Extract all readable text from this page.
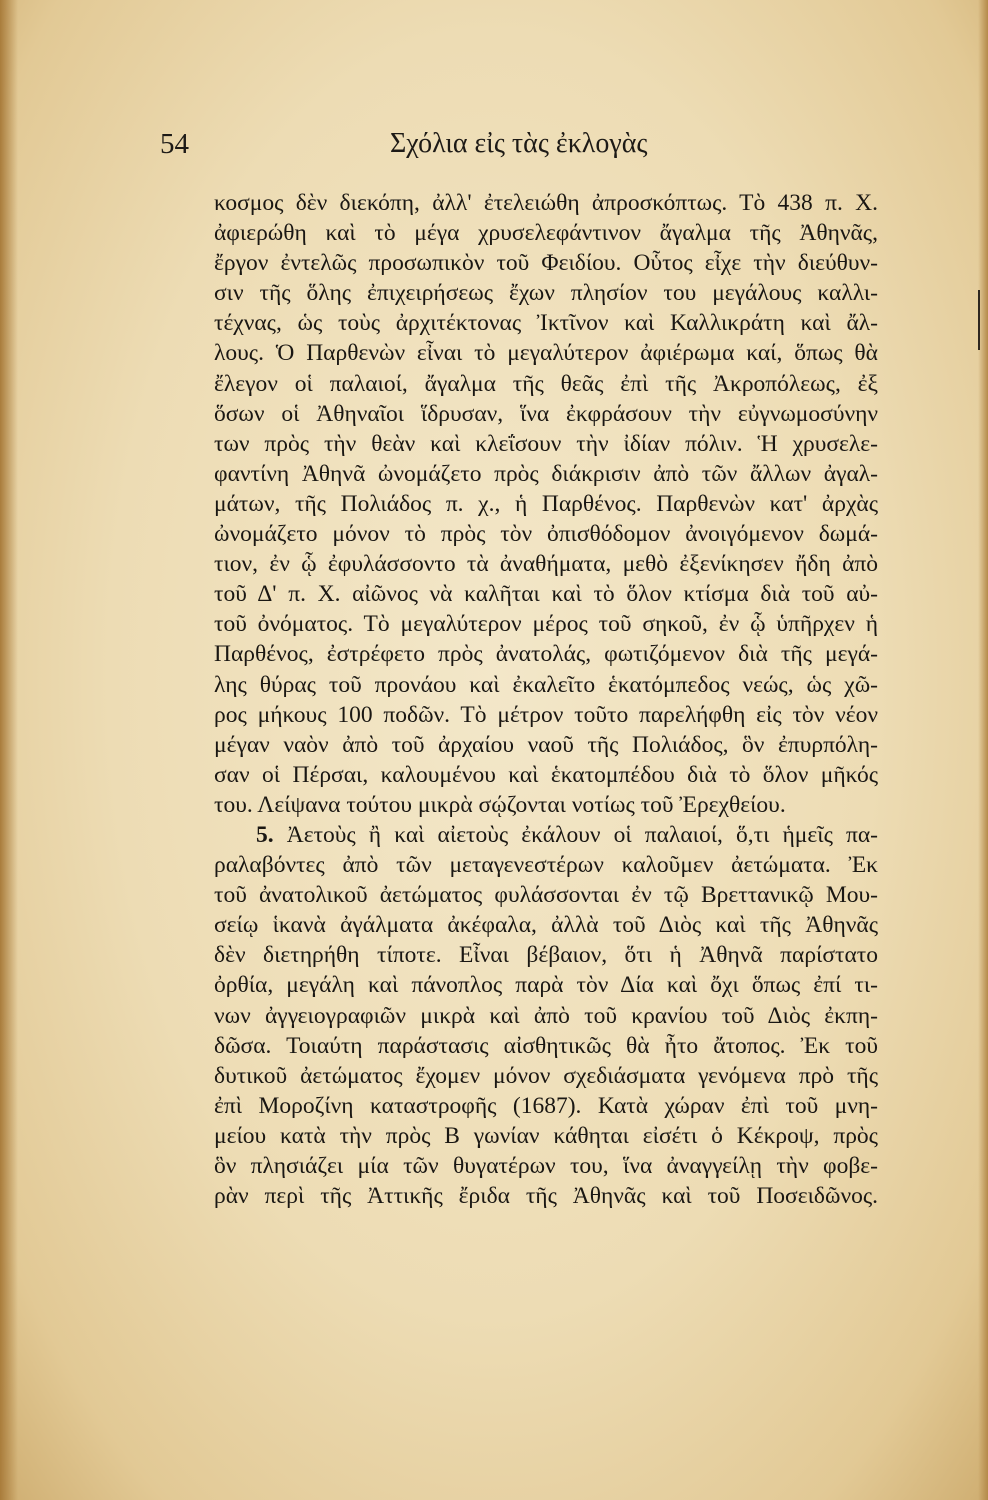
54	Σχόλια εἰς τὰς ἐκλογὰς
κοσμος δὲν διεκόπη, ἀλλ' ἐτελειώθη ἀπροσκόπτως. Τὸ 438 π. Χ.
ἀφιερώθη καὶ τὸ μέγα χρυσελεφάντινον ἄγαλμα τῆς Ἀθηνᾶς,
ἔργον ἐντελῶς προσωπικὸν τοῦ Φειδίου. Οὗτος εἶχε τὴν διεύθυν-
σιν τῆς ὅλης ἐπιχειρήσεως ἔχων πλησίον του μεγάλους καλλι-
τέχνας, ὡς τοὺς ἀρχιτέκτονας Ἰκτῖνον καὶ Καλλικράτη καὶ ἄλ-
λους. Ὁ Παρθενὼν εἶναι τὸ μεγαλύτερον ἀφιέρωμα καί, ὅπως θὰ
ἔλεγον οἱ παλαιοί, ἄγαλμα τῆς θεᾶς ἐπὶ τῆς Ἀκροπόλεως, ἐξ
ὅσων οἱ Ἀθηναῖοι ἵδρυσαν, ἵνα ἐκφράσουν τὴν εὐγνωμοσύνην
των πρὸς τὴν θεὰν καὶ κλεΐσουν τὴν ἰδίαν πόλιν. Ἡ χρυσελε-
φαντίνη Ἀθηνᾶ ὠνομάζετο πρὸς διάκρισιν ἀπὸ τῶν ἄλλων ἀγαλ-
μάτων, τῆς Πολιάδος π. χ., ἡ Παρθένος. Παρθενὼν κατ' ἀρχὰς
ὠνομάζετο μόνον τὸ πρὸς τὸν ὀπισθόδομον ἀνοιγόμενον δωμά-
τιον, ἐν ᾧ ἐφυλάσσοντο τὰ ἀναθήματα, μεθὸ ἐξενίκησεν ἤδη ἀπὸ
τοῦ Δ' π. Χ. αἰῶνος νὰ καλῆται καὶ τὸ ὅλον κτίσμα διὰ τοῦ αὐ-
τοῦ ὀνόματος. Τὸ μεγαλύτερον μέρος τοῦ σηκοῦ, ἐν ᾧ ὑπῆρχεν ἡ
Παρθένος, ἐστρέφετο πρὸς ἀνατολάς, φωτιζόμενον διὰ τῆς μεγά-
λης θύρας τοῦ προνάου καὶ ἐκαλεῖτο ἑκατόμπεδος νεώς, ὡς χῶ-
ρος μήκους 100 ποδῶν. Τὸ μέτρον τοῦτο παρελήφθη εἰς τὸν νέον
μέγαν ναὸν ἀπὸ τοῦ ἀρχαίου ναοῦ τῆς Πολιάδος, ὃν ἐπυρπόλη-
σαν οἱ Πέρσαι, καλουμένου καὶ ἑκατομπέδου διὰ τὸ ὅλον μῆκός
του. Λείψανα τούτου μικρὰ σῴζονται νοτίως τοῦ Ἐρεχθείου.
5. Ἀετοὺς ἢ καὶ αἰετοὺς ἐκάλουν οἱ παλαιοί, ὅ,τι ἡμεῖς πα-
ραλαβόντες ἀπὸ τῶν μεταγενεστέρων καλοῦμεν ἀετώματα. Ἐκ
τοῦ ἀνατολικοῦ ἀετώματος φυλάσσονται ἐν τῷ Βρεττανικῷ Μου-
σείῳ ἱκανὰ ἀγάλματα ἀκέφαλα, ἀλλὰ τοῦ Διὸς καὶ τῆς Ἀθηνᾶς
δὲν διετηρήθη τίποτε. Εἶναι βέβαιον, ὅτι ἡ Ἀθηνᾶ παρίστατο
ὀρθία, μεγάλη καὶ πάνοπλος παρὰ τὸν Δία καὶ ὄχι ὅπως ἐπί τι-
νων ἀγγειογραφιῶν μικρὰ καὶ ἀπὸ τοῦ κρανίου τοῦ Διὸς ἐκπη-
δῶσα. Τοιαύτη παράστασις αἰσθητικῶς θὰ ἦτο ἄτοπος. Ἐκ τοῦ
δυτικοῦ ἀετώματος ἔχομεν μόνον σχεδιάσματα γενόμενα πρὸ τῆς
ἐπὶ Μοροζίνη καταστροφῆς (1687). Κατὰ χώραν ἐπὶ τοῦ μνη-
μείου κατὰ τὴν πρὸς Β γωνίαν κάθηται εἰσέτι ὁ Κέκροψ, πρὸς
ὃν πλησιάζει μία τῶν θυγατέρων του, ἵνα ἀναγγείλῃ τὴν φοβε-
ρὰν περὶ τῆς Ἀττικῆς ἔριδα τῆς Ἀθηνᾶς καὶ τοῦ Ποσειδῶνος.
